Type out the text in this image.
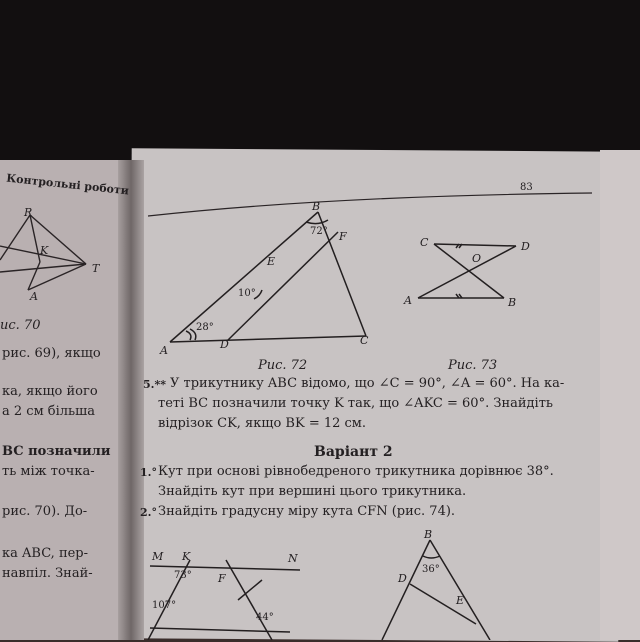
Контрольні роботи
ис. 70
рис. 69), якщо
ка, якщо його
а 2 см більша
BC позначили
ть між точка-
рис. 70). До-
ка ABC, пер-
навпіл. Знай-
R
K
T
A
83
B
F
E
A	D	C
72°
10°
28°
Рис. 72
C	D
O
A	B
Рис. 73
5.** У трикутнику ABC відомо, що ∠C = 90°, ∠A = 60°. На ка-
теті BC позначили точку K так, що ∠AKC = 60°. Знайдіть
відрізок CK, якщо BK = 12 см.
Варіант 2
1.° Кут при основі рівнобедреного трикутника дорівнює 38°.
Знайдіть кут при вершині цього трикутника.
2.° Знайдіть градусну міру кута CFN (рис. 74).
M K	N
F
73°
107°
44°
B
D
E
36°
